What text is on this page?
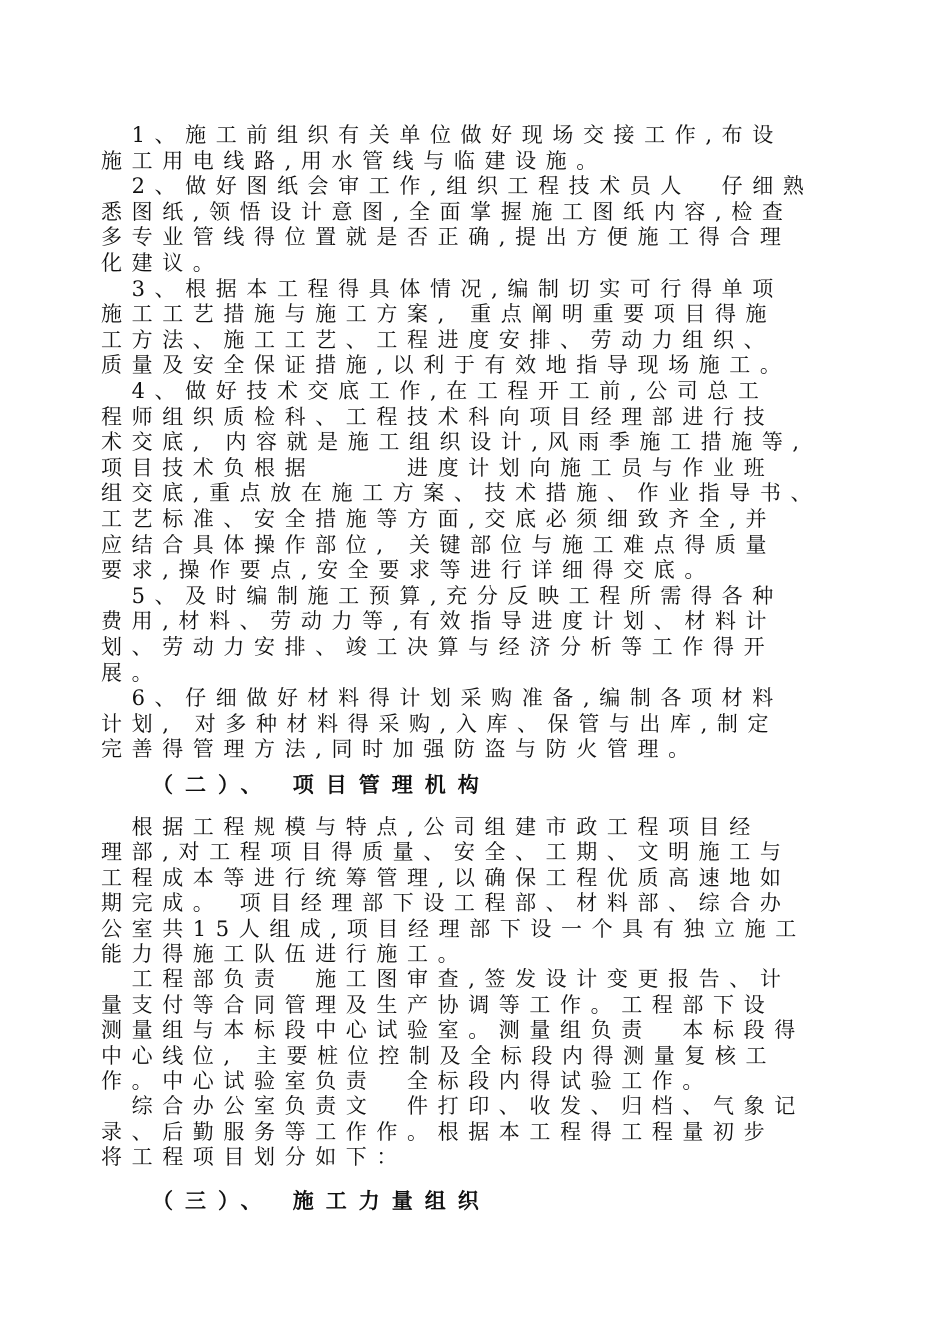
　1、施工前组织有关单位做好现场交接工作,布设
施工用电线路,用水管线与临建设施。
　2、做好图纸会审工作,组织工程技术员人　仔细熟
悉图纸,领悟设计意图,全面掌握施工图纸内容,检查
多专业管线得位置就是否正确,提出方便施工得合理
化建议。
　3、根据本工程得具体情况,编制切实可行得单项
施工工艺措施与施工方案, 重点阐明重要项目得施
工方法、施工工艺、工程进度安排、劳动力组织、
质量及安全保证措施,以利于有效地指导现场施工。
　4、做好技术交底工作,在工程开工前,公司总工
程师组织质检科、工程技术科向项目经理部进行技
术交底, 内容就是施工组织设计,风雨季施工措施等,
项目技术负根据　　　进度计划向施工员与作业班
组交底,重点放在施工方案、技术措施、作业指导书、
工艺标准、安全措施等方面,交底必须细致齐全,并
应结合具体操作部位, 关键部位与施工难点得质量
要求,操作要点,安全要求等进行详细得交底。
　5、及时编制施工预算,充分反映工程所需得各种
费用,材料、劳动力等,有效指导进度计划、材料计
划、劳动力安排、竣工决算与经济分析等工作得开
展。
　6、仔细做好材料得计划采购准备,编制各项材料
计划, 对多种材料得采购,入库、保管与出库,制定
完善得管理方法,同时加强防盗与防火管理。
（二）、 项目管理机构
　根据工程规模与特点,公司组建市政工程项目经
理部,对工程项目得质量、安全、工期、文明施工与
工程成本等进行统筹管理,以确保工程优质高速地如
期完成。 项目经理部下设工程部、材料部、综合办
公室共15人组成,项目经理部下设一个具有独立施工
能力得施工队伍进行施工。
　工程部负责　施工图审查,签发设计变更报告、计
量支付等合同管理及生产协调等工作。工程部下设
测量组与本标段中心试验室。测量组负责　本标段得
中心线位, 主要桩位控制及全标段内得测量复核工
作。中心试验室负责　全标段内得试验工作。
　综合办公室负责文　件打印、收发、归档、气象记
录、后勤服务等工作作。根据本工程得工程量初步
将工程项目划分如下：
（三）、 施工力量组织
